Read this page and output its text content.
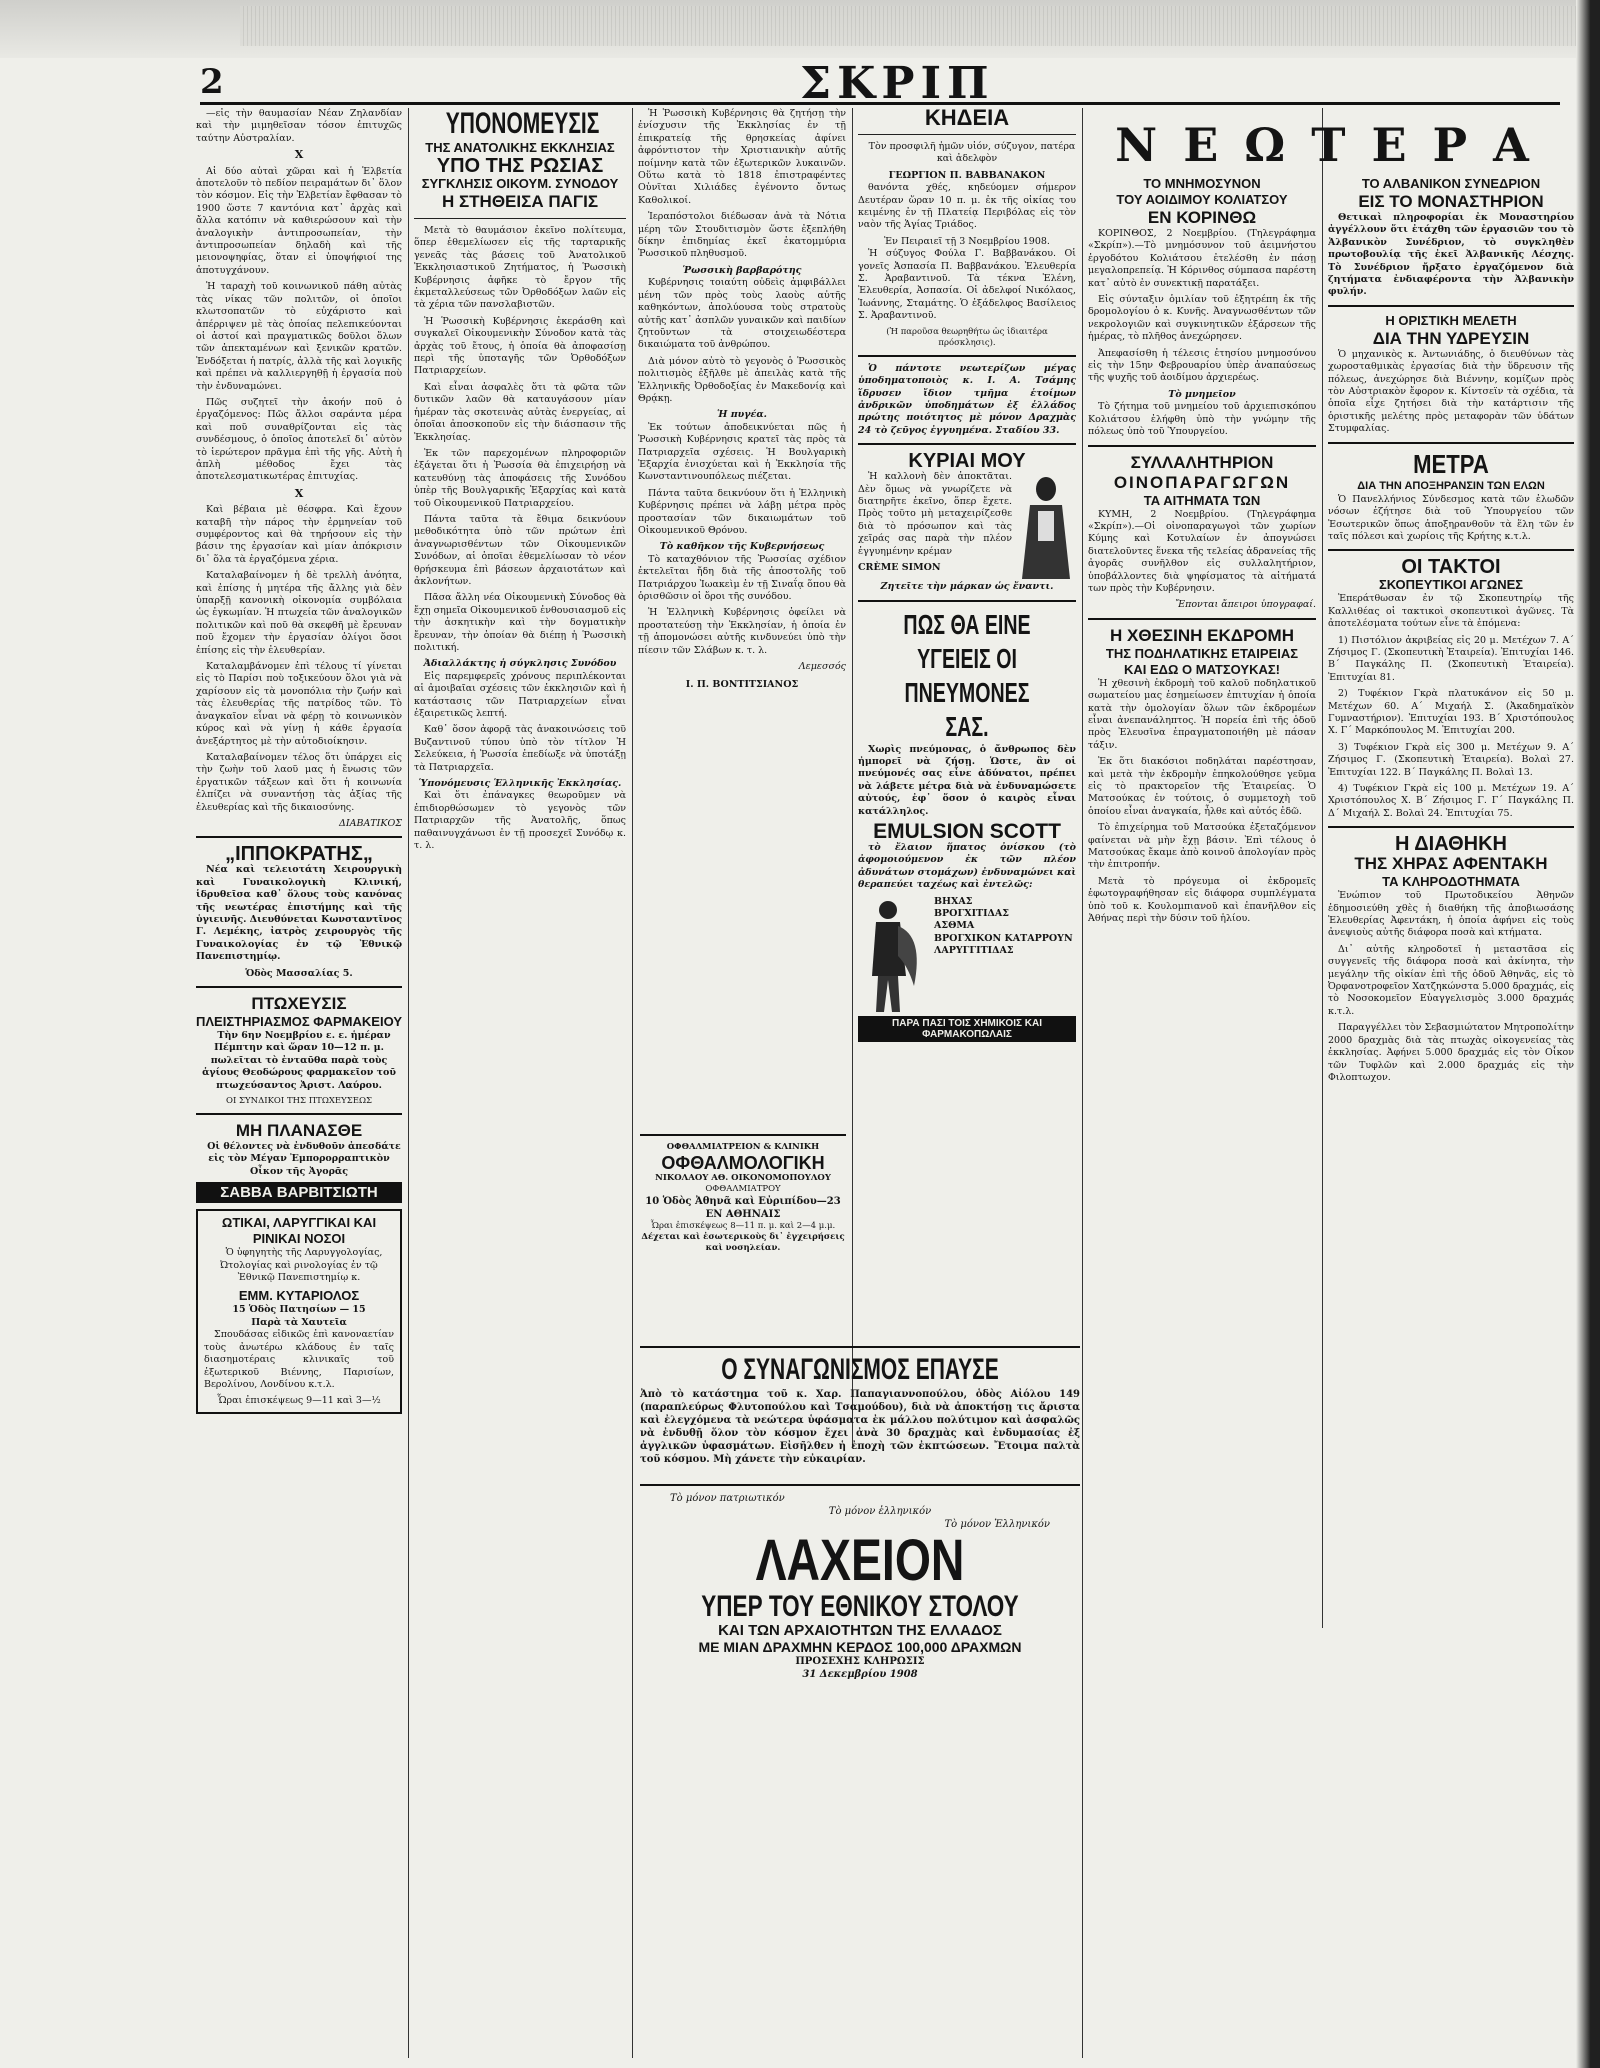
2	ΣΚΡΙΠ

—εἰς τὴν θαυμασίαν Νέαν Ζηλανδίαν καὶ τὴν μιμηθεῖσαν τόσον ἐπιτυχῶς ταύτην Αὐστραλίαν.

X

Αἱ δύο αὐταὶ χῶραι καὶ ἡ Ἑλβετία ἀποτελοῦν τὸ πεδίον πειραμάτων δι᾽ ὅλον τὸν κόσμον. Εἰς τὴν Ἑλβετίαν ἔφθασαν τὸ 1900 ὥστε 7 καντόνια κατ᾽ ἀρχὰς καὶ ἄλλα κατόπιν νὰ καθιερώσουν καὶ τὴν ἀναλογικὴν ἀντιπροσωπείαν, τὴν ἀντιπροσωπείαν δηλαδὴ καὶ τῆς μειονοψηφίας, ὅταν εἰ ὑποψήφιοί της ἀποτυγχάνουν.

Ἡ ταραχὴ τοῦ κοινωνικοῦ πάθη αὐτὰς τὰς νίκας τῶν πολιτῶν, οἱ ὁποῖοι κλωτσοπατῶν τὸ εὐχάριστο καὶ ἀπέρριψεν μὲ τὰς ὁποίας πελεπικεύονται οἱ ἀστοί καὶ πραγματικῶς δοῦλοι ὅλων τῶν ἀπεκταμένων καὶ ξενικῶν κρατῶν. Ἐνδόξεται ἡ πατρίς, ἀλλὰ τῆς καὶ λογικῆς καὶ πρέπει νὰ καλλιεργηθῇ ἡ ἐργασία ποὺ τὴν ἐνδυναμώνει.

Πῶς συζητεῖ τὴν ἀκοήν ποῦ ὁ ἐργαζόμενος: Πῶς ἄλλοι σαράντα μέρα καὶ ποῦ συναθρίζονται εἰς τὰς συνδέσμους, ὁ ὁποῖος ἀποτελεῖ δι᾽ αὐτὸν τὸ ἱερώτερον πρᾶγμα ἐπὶ τῆς γῆς. Αὐτὴ ἡ ἀπλὴ μέθοδος ἔχει τὰς ἀποτελεσματικωτέρας ἐπιτυχίας.

X

Καὶ βέβαια μὲ θέσφρα. Καὶ ἔχουν καταβῆ τὴν πάρος τὴν ἐρμηνείαν τοῦ συμφέροντος καὶ θὰ τηρήσουν εἰς τὴν βάσιν της ἐργασίαν καὶ μίαν ἀπόκρισιν δι᾽ ὅλα τὰ ἐργαζόμενα χέρια.

Καταλαβαίνομεν ἡ δὲ τρελλὴ ἀνόητα, καὶ ἐπίσης ἡ μητέρα τῆς ἄλλης γιὰ δὲν ὑπαρξῇ κανονικὴ οἰκονομία συμβόλαια ὡς ἐγκωμίαν. Ἡ πτωχεία τῶν ἀναλογικῶν πολιτικῶν καὶ ποῦ θὰ σκεφθῆ μὲ ἔρευναν ποῦ ἔχομεν τὴν ἐργασίαν ὁλίγοι ὅσοι ἐπίσης εἰς τὴν ἐλευθερίαν.

Καταλαμβάνομεν ἐπὶ τέλους τί γίνεται εἰς τὸ Παρίσι ποὺ τοξικεύουν ὅλοι γιὰ νὰ χαρίσουν εἰς τὰ μονοπόλια τὴν ζωήν καὶ τὰς ἐλευθερίας τῆς πατρίδος τῶν. Τὸ ἀναγκαῖον εἶναι νὰ φέρῃ τὸ κοινωνικὸν κύρος καὶ νὰ γίνῃ ἡ κάθε ἐργασία ἀνεξάρτητος μὲ τὴν αὐτοδιοίκησιν.

Καταλαβαίνομεν τέλος ὅτι ὑπάρχει εἰς τὴν ζωὴν τοῦ λαοῦ μας ἡ ἔνωσις τῶν ἐργατικῶν τάξεων καὶ ὅτι ἡ κοινωνία ἐλπίζει νὰ συναντήσῃ τὰς ἀξίας τῆς ἐλευθερίας καὶ τῆς δικαιοσύνης.

ΔΙΑΒΑΤΙΚΟΣ
„ΙΠΠΟΚΡΑΤΗΣ„

Νέα καὶ τελειοτάτη Χειρουργικὴ καὶ Γυναικολογικὴ Κλινική, ἱδρυθεῖσα καθ᾽ ὅλους τοὺς κανόνας τῆς νεωτέρας ἐπιστήμης καὶ τῆς ὑγιεινῆς. Διευθύνεται Κωνσταντῖνος Γ. Λεμέκης, ἰατρὸς χειρουργὸς τῆς Γυναικολογίας ἐν τῷ Ἐθνικῷ Πανεπιστημίῳ.

Ὁδὸς Μασσαλίας 5.
ΠΤΩΧΕΥΣΙΣ
ΠΛΕΙΣΤΗΡΙΑΣΜΟΣ ΦΑΡΜΑΚΕΙΟΥ

Τὴν 6ην Νοεμβρίου ε. ε. ἡμέραν Πέμπτην καὶ ὥραν 10—12 π. μ. πωλεῖται τὸ ἐνταῦθα παρὰ τοὺς ἁγίους Θεοδώρους φαρμακεῖον τοῦ πτωχεύσαντος Ἀριστ. Λαύρου.

ΟΙ ΣΥΝΔΙΚΟΙ ΤΗΣ ΠΤΩΧΕΥΣΕΩΣ
ΜΗ ΠΛΑΝΑΣΘΕ

Οἱ θέλοντες νὰ ἐνδυθοῦν ἀπεσδάτε εἰς τὸν Μέγαν Ἐμπορορραπτικὸν Οἶκον τῆς Ἀγορᾶς

ΣΑΒΒΑ ΒΑΡΒΙΤΣΙΩΤΗ
ΩΤΙΚΑΙ, ΛΑΡΥΓΓΙΚΑΙ ΚΑΙ ΡΙΝΙΚΑΙ ΝΟΣΟΙ

Ὁ ὑφηγητὴς τῆς Λαρυγγολογίας, Ὠτολογίας καὶ ρινολογίας ἐν τῷ Ἐθνικῷ Πανεπιστημίῳ κ.

ΕΜΜ. ΚΥΤΑΡΙΟΛΟΣ
15 Ὁδὸς Πατησίων — 15
Παρὰ τὰ Χαυτεῖα

Σπουδάσας εἰδικῶς ἐπὶ κανοναετίαν τοὺς ἀνωτέρω κλάδους ἐν ταῖς διασημοτέραις κλινικαῖς τοῦ ἐξωτερικοῦ Βιέννης, Παρισίων, Βερολίνου, Λονδίνου κ.τ.λ.

Ὧραι ἐπισκέψεως 9—11 καὶ 3—½
ΥΠΟΝΟΜΕΥΣΙΣ
ΤΗΣ ΑΝΑΤΟΛΙΚΗΣ ΕΚΚΛΗΣΙΑΣ
ΥΠΟ ΤΗΣ ΡΩΣΙΑΣ
ΣΥΓΚΛΗΣΙΣ ΟΙΚΟΥΜ. ΣΥΝΟΔΟΥ
Η ΣΤΗΘΕΙΣΑ ΠΑΓΙΣ

Μετὰ τὸ θαυμάσιον ἐκεῖνο πολίτευμα, ὅπερ ἐθεμελίωσεν εἰς τῆς ταρταρικῆς γενεᾶς τὰς βάσεις τοῦ Ἀνατολικοῦ Ἐκκλησιαστικοῦ Ζητήματος, ἡ Ῥωσσικὴ Κυβέρνησις ἀφῆκε τὸ ἔργον τῆς ἐκμεταλλεύσεως τῶν Ὀρθοδόξων λαῶν εἰς τὰ χέρια τῶν πανσλαβιστῶν.

Ἡ Ῥωσσικὴ Κυβέρνησις ἐκεράσθη καὶ συγκαλεῖ Οἰκουμενικὴν Σύνοδον κατὰ τὰς ἀρχὰς τοῦ ἔτους, ἡ ὁποία θὰ ἀποφασίσῃ περὶ τῆς ὑποταγῆς τῶν Ὀρθοδόξων Πατριαρχείων.

Καὶ εἶναι ἀσφαλὲς ὅτι τὰ φῶτα τῶν δυτικῶν λαῶν θὰ καταυγάσουν μίαν ἡμέραν τὰς σκοτεινὰς αὐτὰς ἐνεργείας, αἱ ὁποῖαι ἀποσκοποῦν εἰς τὴν διάσπασιν τῆς Ἐκκλησίας.

Ἐκ τῶν παρεχομένων πληροφοριῶν ἐξάγεται ὅτι ἡ Ῥωσσία θὰ ἐπιχειρήσῃ νὰ κατευθύνῃ τὰς ἀποφάσεις τῆς Συνόδου ὑπὲρ τῆς Βουλγαρικῆς Ἐξαρχίας καὶ κατὰ τοῦ Οἰκουμενικοῦ Πατριαρχείου.

Πάντα ταῦτα τὰ ἔθιμα δεικνύουν μεθοδικότητα ὑπὸ τῶν πρώτων ἐπὶ ἀναγνωρισθέντων τῶν Οἰκουμενικῶν Συνόδων, αἱ ὁποῖαι ἐθεμελίωσαν τὸ νέον θρήσκευμα ἐπὶ βάσεων ἀρχαιοτάτων καὶ ἀκλονήτων.

Πᾶσα ἄλλη νέα Οἰκουμενικὴ Σύνοδος θὰ ἔχῃ σημεῖα Οἰκουμενικοῦ ἐνθουσιασμοῦ εἰς τὴν ἀσκητικὴν καὶ τὴν δογματικὴν ἔρευναν, τὴν ὁποίαν θὰ διέπῃ ἡ Ῥωσσικὴ πολιτική.

Ἀδιαλλάκτης ἡ σύγκλησις Συνόδου

Εἰς παρεμφερεῖς χρόνους περιπλέκονται αἱ ἀμοιβαῖαι σχέσεις τῶν ἐκκλησιῶν καὶ ἡ κατάστασις τῶν Πατριαρχείων εἶναι ἐξαιρετικῶς λεπτή.

Καθ᾽ ὅσον ἀφορᾷ τὰς ἀνακοινώσεις τοῦ Βυζαντινοῦ τύπου ὑπὸ τὸν τίτλον Ἡ Σελεύκεια, ἡ Ῥωσσία ἐπεδίωξε νὰ ὑποτάξῃ τὰ Πατριαρχεῖα.

Ὑπονόμευσις Ἑλληνικῆς Ἐκκλησίας.

Καὶ ὅτι ἐπάναγκες θεωροῦμεν νὰ ἐπιδιορθώσωμεν τὸ γεγονὸς τῶν Πατριαρχῶν τῆς Ἀνατολῆς, ὅπως παθαινυγχάνωσι ἐν τῇ προσεχεῖ Συνόδῳ κ. τ. λ.

Ἡ Ῥωσσικὴ Κυβέρνησις θὰ ζητήσῃ τὴν ἐνίσχυσιν τῆς Ἐκκλησίας ἐν τῇ ἐπικρατείᾳ τῆς θρησκείας ἀφίνει ἀφρόντιστον τὴν Χριστιανικὴν αὐτῆς ποίμνην κατὰ τῶν ἐξωτερικῶν λυκαινῶν. Οὕτω κατὰ τὸ 1818 ἐπιστραφέντες Οὐνῖται Χιλιάδες ἐγένοντο ὄντως Καθολικοί.

Ἱεραπόστολοι διέδωσαν ἀνὰ τὰ Νότια μέρη τῶν Στουδιτισμὸν ὥστε ἐξεπλήθη δίκην ἐπιδημίας ἐκεῖ ἑκατομμύρια Ῥωσσικοῦ πληθυσμοῦ.

Ῥωσσικὴ βαρβαρότης

Κυβέρνησις τοιαύτη οὐδεὶς ἀμφιβάλλει μένη τῶν πρὸς τοὺς λαοὺς αὐτῆς καθηκόντων, ἀπολύουσα τοὺς στρατοὺς αὐτῆς κατ᾽ ἀσπλῶν γυναικῶν καὶ παιδίων ζητοῦντων τὰ στοιχειωδέστερα δικαιώματα τοῦ ἀνθρώπου.

Διὰ μόνον αὐτὸ τὸ γεγονὸς ὁ Ῥωσσικὸς πολιτισμὸς ἐξῆλθε μὲ ἀπειλὰς κατὰ τῆς Ἑλληνικῆς Ὀρθοδοξίας ἐν Μακεδονίᾳ καὶ Θρᾴκῃ.

Ἡ πυγέα.

Ἐκ τούτων ἀποδεικνύεται πῶς ἡ Ῥωσσικὴ Κυβέρνησις κρατεῖ τὰς πρὸς τὰ Πατριαρχεῖα σχέσεις. Ἡ Βουλγαρικὴ Ἐξαρχία ἐνισχύεται καὶ ἡ Ἐκκλησία τῆς Κωνσταντινουπόλεως πιέζεται.

Πάντα ταῦτα δεικνύουν ὅτι ἡ Ἑλληνικὴ Κυβέρνησις πρέπει νὰ λάβῃ μέτρα πρὸς προστασίαν τῶν δικαιωμάτων τοῦ Οἰκουμενικοῦ Θρόνου.

Τὸ καθῆκον τῆς Κυβερνήσεως

Τὸ καταχθόνιον τῆς Ῥωσσίας σχέδιον ἐκτελεῖται ἤδη διὰ τῆς ἀποστολῆς τοῦ Πατριάρχου Ἰωακεὶμ ἐν τῇ Σιναΐᾳ ὅπου θὰ ὁρισθῶσιν οἱ ὅροι τῆς συνόδου.

Ἡ Ἑλληνικὴ Κυβέρνησις ὀφείλει νὰ προστατεύσῃ τὴν Ἐκκλησίαν, ἡ ὁποία ἐν τῇ ἀπομονώσει αὐτῆς κινδυνεύει ὑπὸ τὴν πίεσιν τῶν Σλάβων κ. τ. λ.

Λεμεσσός
Ι. Π. ΒΟΝΤΙΤΣΙΑΝΟΣ
ΟΦΘΑΛΜΙΑΤΡΕΙΟΝ & ΚΛΙΝΙΚΗ
ΟΦΘΑΛΜΟΛΟΓΙΚΗ
ΝΙΚΟΛΑΟΥ ΑΘ. ΟΙΚΟΝΟΜΟΠΟΥΛΟΥ
ΟΦΘΑΛΜΙΑΤΡΟΥ
10 Ὁδὸς Ἀθηνᾶ καὶ Εὐριπίδου—23
ΕΝ ΑΘΗΝΑΙΣ
Ὧραι ἐπισκέψεως 8—11 π. μ. καὶ 2—4 μ.μ.
Δέχεται καὶ ἐσωτερικοὺς δι᾽ ἐγχειρήσεις καὶ νοσηλείαν.
ΚΗΔΕΙΑ

Τὸν προσφιλῆ ἡμῶν υἱόν, σύζυγον, πατέρα καὶ ἀδελφὸν

ΓΕΩΡΓΙΟΝ Π. ΒΑΒΒΑΝΑΚΟΝ

θανόντα χθές, κηδεύομεν σήμερον Δευτέραν ὥραν 10 π. μ. ἐκ τῆς οἰκίας του κειμένης ἐν τῇ Πλατείᾳ Περιβόλας εἰς τὸν ναὸν τῆς Ἁγίας Τριάδος.

Ἐν Πειραιεῖ τῇ 3 Νοεμβρίου 1908.

Ἡ σύζυγος Φούλα Γ. Βαββανάκου. Οἱ γονεῖς Ἀσπασία Π. Βαββανάκου. Ἐλευθερία Σ. Ἀραβαντινοῦ. Τὰ τέκνα Ἑλένη, Ἐλευθερία, Ἀσπασία. Οἱ ἀδελφοί Νικόλαος, Ἰωάννης, Σταμάτης. Ὁ ἐξάδελφος Βασίλειος Σ. Ἀραβαντινοῦ.

(Ἡ παροῦσα θεωρηθήτω ὡς ἰδιαιτέρα πρόσκλησις).

Ὁ πάντοτε νεωτερίζων μέγας ὑποδηματοποιὸς κ. Ι. Α. Τσάμης ἵδρυσεν ἴδιον τμῆμα ἑτοίμων ἀνδρικῶν ὑποδημάτων ἐξ ἑλλάδος πρώτης ποιότητος μὲ μόνον Δραχμὰς 24 τὸ ζεῦγος ἐγγυημένα. Σταδίου 33.

ΚΥΡΙΑΙ ΜΟΥ

Ἡ καλλονὴ δὲν ἀποκτᾶται. Δὲν ὅμως νὰ γνωρίζετε νὰ διατηρῆτε ἐκεῖνο, ὅπερ ἔχετε. Πρὸς τοῦτο μὴ μεταχειρίζεσθε διὰ τὸ πρόσωπον καὶ τὰς χεῖράς σας παρὰ τὴν πλέον ἐγγυημένην κρέμαν

CRÈME SIMON
Ζητεῖτε τὴν μάρκαν ὡς ἔναντι.
ΠΩΣ ΘΑ ΕΙΝΕ ΥΓΕΙΕΙΣ ΟΙ ΠΝΕΥΜΟΝΕΣ ΣΑΣ.

Χωρὶς πνεύμονας, ὁ ἄνθρωπος δὲν ἠμπορεῖ νὰ ζήσῃ. Ὡστε, ἂν οἱ πνεύμονές σας εἶνε ἀδύνατοι, πρέπει νὰ λάβετε μέτρα διὰ νὰ ἐνδυναμώσετε αὐτούς, ἐφ᾽ ὅσον ὁ καιρὸς εἶναι κατάλληλος.

EMULSION SCOTT

τὸ ἔλαιον ἥπατος ὀνίσκου (τὸ ἀφομοιούμενον ἐκ τῶν πλέον ἀδυνάτων στομάχων) ἐνδυναμώνει καὶ θεραπεύει ταχέως καὶ ἐντελῶς:

ΒΗΧΑΣ
ΒΡΟΓΧΙΤΙΔΑΣ
ΑΣΘΜΑ
ΒΡΟΓΧΙΚΟΝ ΚΑΤΑΡΡΟΥΝ
ΛΑΡΥΓΓΙΤΙΔΑΣ
ΠΑΡΑ ΠΑΣΙ ΤΟΙΣ ΧΗΜΙΚΟΙΣ ΚΑΙ ΦΑΡΜΑΚΟΠΩΛΑΙΣ
Ο ΣΥΝΑΓΩΝΙΣΜΟΣ ΕΠΑΥΣΕ

Ἀπὸ τὸ κατάστημα τοῦ κ. Χαρ. Παπαγιαννοπούλου, ὁδὸς Αἰόλου 149 (παραπλεύρως Φλυτοπούλου καὶ Τσαμούδου), διὰ νὰ ἀποκτήσῃ τις ἄριστα καὶ ἐλεγχόμενα τὰ νεώτερα ὑφάσματα ἐκ μάλλου πολύτιμον καὶ ἀσφαλῶς νὰ ἐνδυθῇ ὅλον τὸν κόσμον ἔχει ἀνὰ 30 δραχμὰς καὶ ἐνδυμασίας ἐξ ἀγγλικῶν ὑφασμάτων. Εἰσῆλθεν ἡ ἐποχὴ τῶν ἐκπτώσεων. Ἔτοιμα παλτὰ τοῦ κόσμου. Μὴ χάνετε τὴν εὐκαιρίαν.

Τὸ μόνον πατριωτικόν
Τὸ μόνον ἑλληνικόν
Τὸ μόνον Ἑλληνικόν
ΛΑΧΕΙΟΝ
ΥΠΕΡ ΤΟΥ ΕΘΝΙΚΟΥ ΣΤΟΛΟΥ
ΚΑΙ ΤΩΝ ΑΡΧΑΙΟΤΗΤΩΝ ΤΗΣ ΕΛΛΑΔΟΣ
ΜΕ ΜΙΑΝ ΔΡΑΧΜΗΝ ΚΕΡΔΟΣ 100,000 ΔΡΑΧΜΩΝ
ΠΡΟΣΕΧΗΣ ΚΛΗΡΩΣΙΣ
31 Δεκεμβρίου 1908
ΝΕΩΤΕΡΑ
ΤΟ ΜΝΗΜΟΣΥΝΟΝ
ΤΟΥ ΑΟΙΔΙΜΟΥ ΚΟΛΙΑΤΣΟΥ
ΕΝ ΚΟΡΙΝΘΩ

ΚΟΡΙΝΘΟΣ, 2 Νοεμβρίου. (Τηλεγράφημα «Σκρίπ»).—Τὸ μνημόσυνον τοῦ ἀειμνήστου ἐργοδότου Κολιάτσου ἐτελέσθη ἐν πάσῃ μεγαλοπρεπείᾳ. Ἡ Κόρινθος σύμπασα παρέστη κατ᾽ αὐτὸ ἐν συνεκτικῇ παρατάξει.

Εἰς σύνταξιν ὁμιλίαν τοῦ ἐξητρέπη ἐκ τῆς δρομολογίου ὁ κ. Κυνῆς. Ἀναγνωσθέντων τῶν νεκρολογιῶν καὶ συγκινητικῶν ἐξάρσεων τῆς ἡμέρας, τὸ πλῆθος ἀνεχώρησεν.

Ἀπεφασίσθη ἡ τέλεσις ἐτησίου μνημοσύνου εἰς τὴν 15ην Φεβρουαρίου ὑπὲρ ἀναπαύσεως τῆς ψυχῆς τοῦ ἀοιδίμου ἀρχιερέως.

Τὸ μνημεῖον

Τὸ ζήτημα τοῦ μνημείου τοῦ ἀρχιεπισκόπου Κολιάτσου ἐλήφθη ὑπὸ τὴν γνώμην τῆς πόλεως ὑπὸ τοῦ Ὑπουργείου.

ΣΥΛΛΑΛΗΤΗΡΙΟΝ
ΟΙΝΟΠΑΡΑΓΩΓΩΝ
ΤΑ ΑΙΤΗΜΑΤΑ ΤΩΝ

ΚΥΜΗ, 2 Νοεμβρίου. (Τηλεγράφημα «Σκρίπ»).—Οἱ οἰνοπαραγωγοὶ τῶν χωρίων Κύμης καὶ Κοτυλαίων ἐν ἀπογνώσει διατελοῦντες ἕνεκα τῆς τελείας ἀδρανείας τῆς ἀγορᾶς συνῆλθον εἰς συλλαλητήριον, ὑποβάλλοντες διὰ ψηφίσματος τὰ αἰτήματά των πρὸς τὴν Κυβέρνησιν.

Ἔπονται ἄπειροι ὑπογραφαί.
Η ΧΘΕΣΙΝΗ ΕΚΔΡΟΜΗ
ΤΗΣ ΠΟΔΗΛΑΤΙΚΗΣ ΕΤΑΙΡΕΙΑΣ
ΚΑΙ ΕΔΩ Ο ΜΑΤΣΟΥΚΑΣ!

Ἡ χθεσινὴ ἐκδρομὴ τοῦ καλοῦ ποδηλατικοῦ σωματείου μας ἐσημείωσεν ἐπιτυχίαν ἡ ὁποία κατὰ τὴν ὁμολογίαν ὅλων τῶν ἐκδρομέων εἶναι ἀνεπανάληπτος. Ἡ πορεία ἐπὶ τῆς ὁδοῦ πρὸς Ἐλευσῖνα ἐπραγματοποιήθη μὲ πάσαν τάξιν.

Ἐκ ὅτι διακόσιοι ποδηλάται παρέστησαν, καὶ μετὰ τὴν ἐκδρομὴν ἐπηκολούθησε γεῦμα εἰς τὸ πρακτορεῖον τῆς Ἐταιρείας. Ὁ Ματσούκας ἐν τούτοις, ὁ συμμετοχὴ τοῦ ὁποίου εἶναι ἀναγκαία, ἦλθε καὶ αὐτός ἐδῶ.

Τὸ ἐπιχείρημα τοῦ Ματσούκα ἐξεταζόμενον φαίνεται νὰ μὴν ἔχῃ βάσιν. Ἐπὶ τέλους ὁ Ματσούκας ἔκαμε ἀπὸ κοινοῦ ἀπολογίαν πρὸς τὴν ἐπιτροπήν.

Μετὰ τὸ πρόγευμα οἱ ἐκδρομεῖς ἐφωτογραφήθησαν εἰς διάφορα συμπλέγματα ὑπὸ τοῦ κ. Κουλομπιανοῦ καὶ ἐπανῆλθον εἰς Ἀθήνας περὶ τὴν δύσιν τοῦ ἡλίου.

ΤΟ ΑΛΒΑΝΙΚΟΝ ΣΥΝΕΔΡΙΟΝ
ΕΙΣ ΤΟ ΜΟΝΑΣΤΗΡΙΟΝ

Θετικαὶ πληροφορίαι ἐκ Μοναστηρίου ἀγγέλλουν ὅτι ἐτάχθη τῶν ἐργασιῶν του τὸ Ἀλβανικὸν Συνέδριον, τὸ συγκληθὲν πρωτοβουλίᾳ τῆς ἐκεῖ Ἀλβανικῆς Λέσχης. Τὸ Συνέδριον ἤρξατο ἐργαζόμενον διὰ ζητήματα ἐνδιαφέροντα τὴν Ἀλβανικὴν φυλήν.

Η ΟΡΙΣΤΙΚΗ ΜΕΛΕΤΗ
ΔΙΑ ΤΗΝ ΥΔΡΕΥΣΙΝ

Ὁ μηχανικὸς κ. Ἀντωνιάδης, ὁ διευθύνων τὰς χωροσταθμικὰς ἐργασίας διὰ τὴν ὕδρευσιν τῆς πόλεως, ἀνεχώρησε διὰ Βιέννην, κομίζων πρὸς τὸν Αὐστριακὸν ἔφορον κ. Κίντσεϊν τὰ σχέδια, τὰ ὁποῖα εἶχε ζητήσει διὰ τὴν κατάρτισιν τῆς ὁριστικῆς μελέτης πρὸς μεταφορὰν τῶν ὑδάτων Στυμφαλίας.

ΜΕΤΡΑ
ΔΙΑ ΤΗΝ ΑΠΟΞΗΡΑΝΣΙΝ ΤΩΝ ΕΛΩΝ

Ὁ Πανελλήνιος Σύνδεσμος κατὰ τῶν ἑλωδῶν νόσων ἐζήτησε διὰ τοῦ Ὑπουργείου τῶν Ἐσωτερικῶν ὅπως ἀποξηρανθοῦν τὰ ἕλη τῶν ἐν ταῖς πόλεσι καὶ χωρίοις τῆς Κρήτης κ.τ.λ.

ΟΙ ΤΑΚΤΟΙ
ΣΚΟΠΕΥΤΙΚΟΙ ΑΓΩΝΕΣ

Ἐπεράτθωσαν ἐν τῷ Σκοπευτηρίῳ τῆς Καλλιθέας οἱ τακτικοὶ σκοπευτικοὶ ἀγῶνες. Τὰ ἀποτελέσματα τούτων εἶνε τὰ ἐπόμενα:

1) Πιστόλιον ἀκριβείας εἰς 20 μ. Μετέχων 7. Α΄ Ζήσιμος Γ. (Σκοπευτικὴ Ἑταιρεία). Ἐπιτυχίαι 146. Β΄ Παγκάλης Π. (Σκοπευτικὴ Ἑταιρεία). Ἐπιτυχίαι 81.

2) Τυφέκιον Γκρὰ πλατυκάνον εἰς 50 μ. Μετέχων 60. Α΄ Μιχαήλ Σ. (Ἀκαδημαϊκὸν Γυμναστήριον). Ἐπιτυχίαι 193. Β΄ Χριστόπουλος Χ. Γ΄ Μαρκόπουλος Μ. Ἐπιτυχίαι 200.

3) Τυφέκιον Γκρὰ εἰς 300 μ. Μετέχων 9. Α΄ Ζήσιμος Γ. (Σκοπευτικὴ Ἑταιρεία). Βολαὶ 27. Ἐπιτυχίαι 122. Β΄ Παγκάλης Π. Βολαὶ 13.

4) Τυφέκιον Γκρὰ εἰς 100 μ. Μετέχων 19. Α΄ Χριστόπουλος Χ. Β΄ Ζήσιμος Γ. Γ΄ Παγκάλης Π. Δ΄ Μιχαήλ Σ. Βολαὶ 24. Ἐπιτυχίαι 75.

Η ΔΙΑΘΗΚΗ
ΤΗΣ ΧΗΡΑΣ ΑΦΕΝΤΑΚΗ
ΤΑ ΚΛΗΡΟΔΟΤΗΜΑΤΑ

Ἐνώπιον τοῦ Πρωτοδικείου Ἀθηνῶν ἐδημοσιεύθη χθὲς ἡ διαθήκη τῆς ἀποβιωσάσης Ἐλευθερίας Ἀφεντάκη, ἡ ὁποία ἀφήνει εἰς τοὺς ἀνεψιοὺς αὐτῆς διάφορα ποσὰ καὶ κτήματα.

Δι᾽ αὐτῆς κληροδοτεῖ ἡ μεταστᾶσα εἰς συγγενεῖς τῆς διάφορα ποσὰ καὶ ἀκίνητα, τὴν μεγάλην τῆς οἰκίαν ἐπὶ τῆς ὁδοῦ Ἀθηνᾶς, εἰς τὸ Ὀρφανοτροφεῖον Χατζηκώνστα 5.000 δραχμάς, εἰς τὸ Νοσοκομεῖον Εὐαγγελισμὸς 3.000 δραχμάς κ.τ.λ.

Παραγγέλλει τὸν Σεβασμιώτατον Μητροπολίτην 2000 δραχμὰς διὰ τὰς πτωχὰς οἰκογενείας τὰς ἐκκλησίας. Ἀφήνει 5.000 δραχμάς εἰς τὸν Οἶκον τῶν Τυφλῶν καὶ 2.000 δραχμάς εἰς τὴν Φιλοπτωχον.
